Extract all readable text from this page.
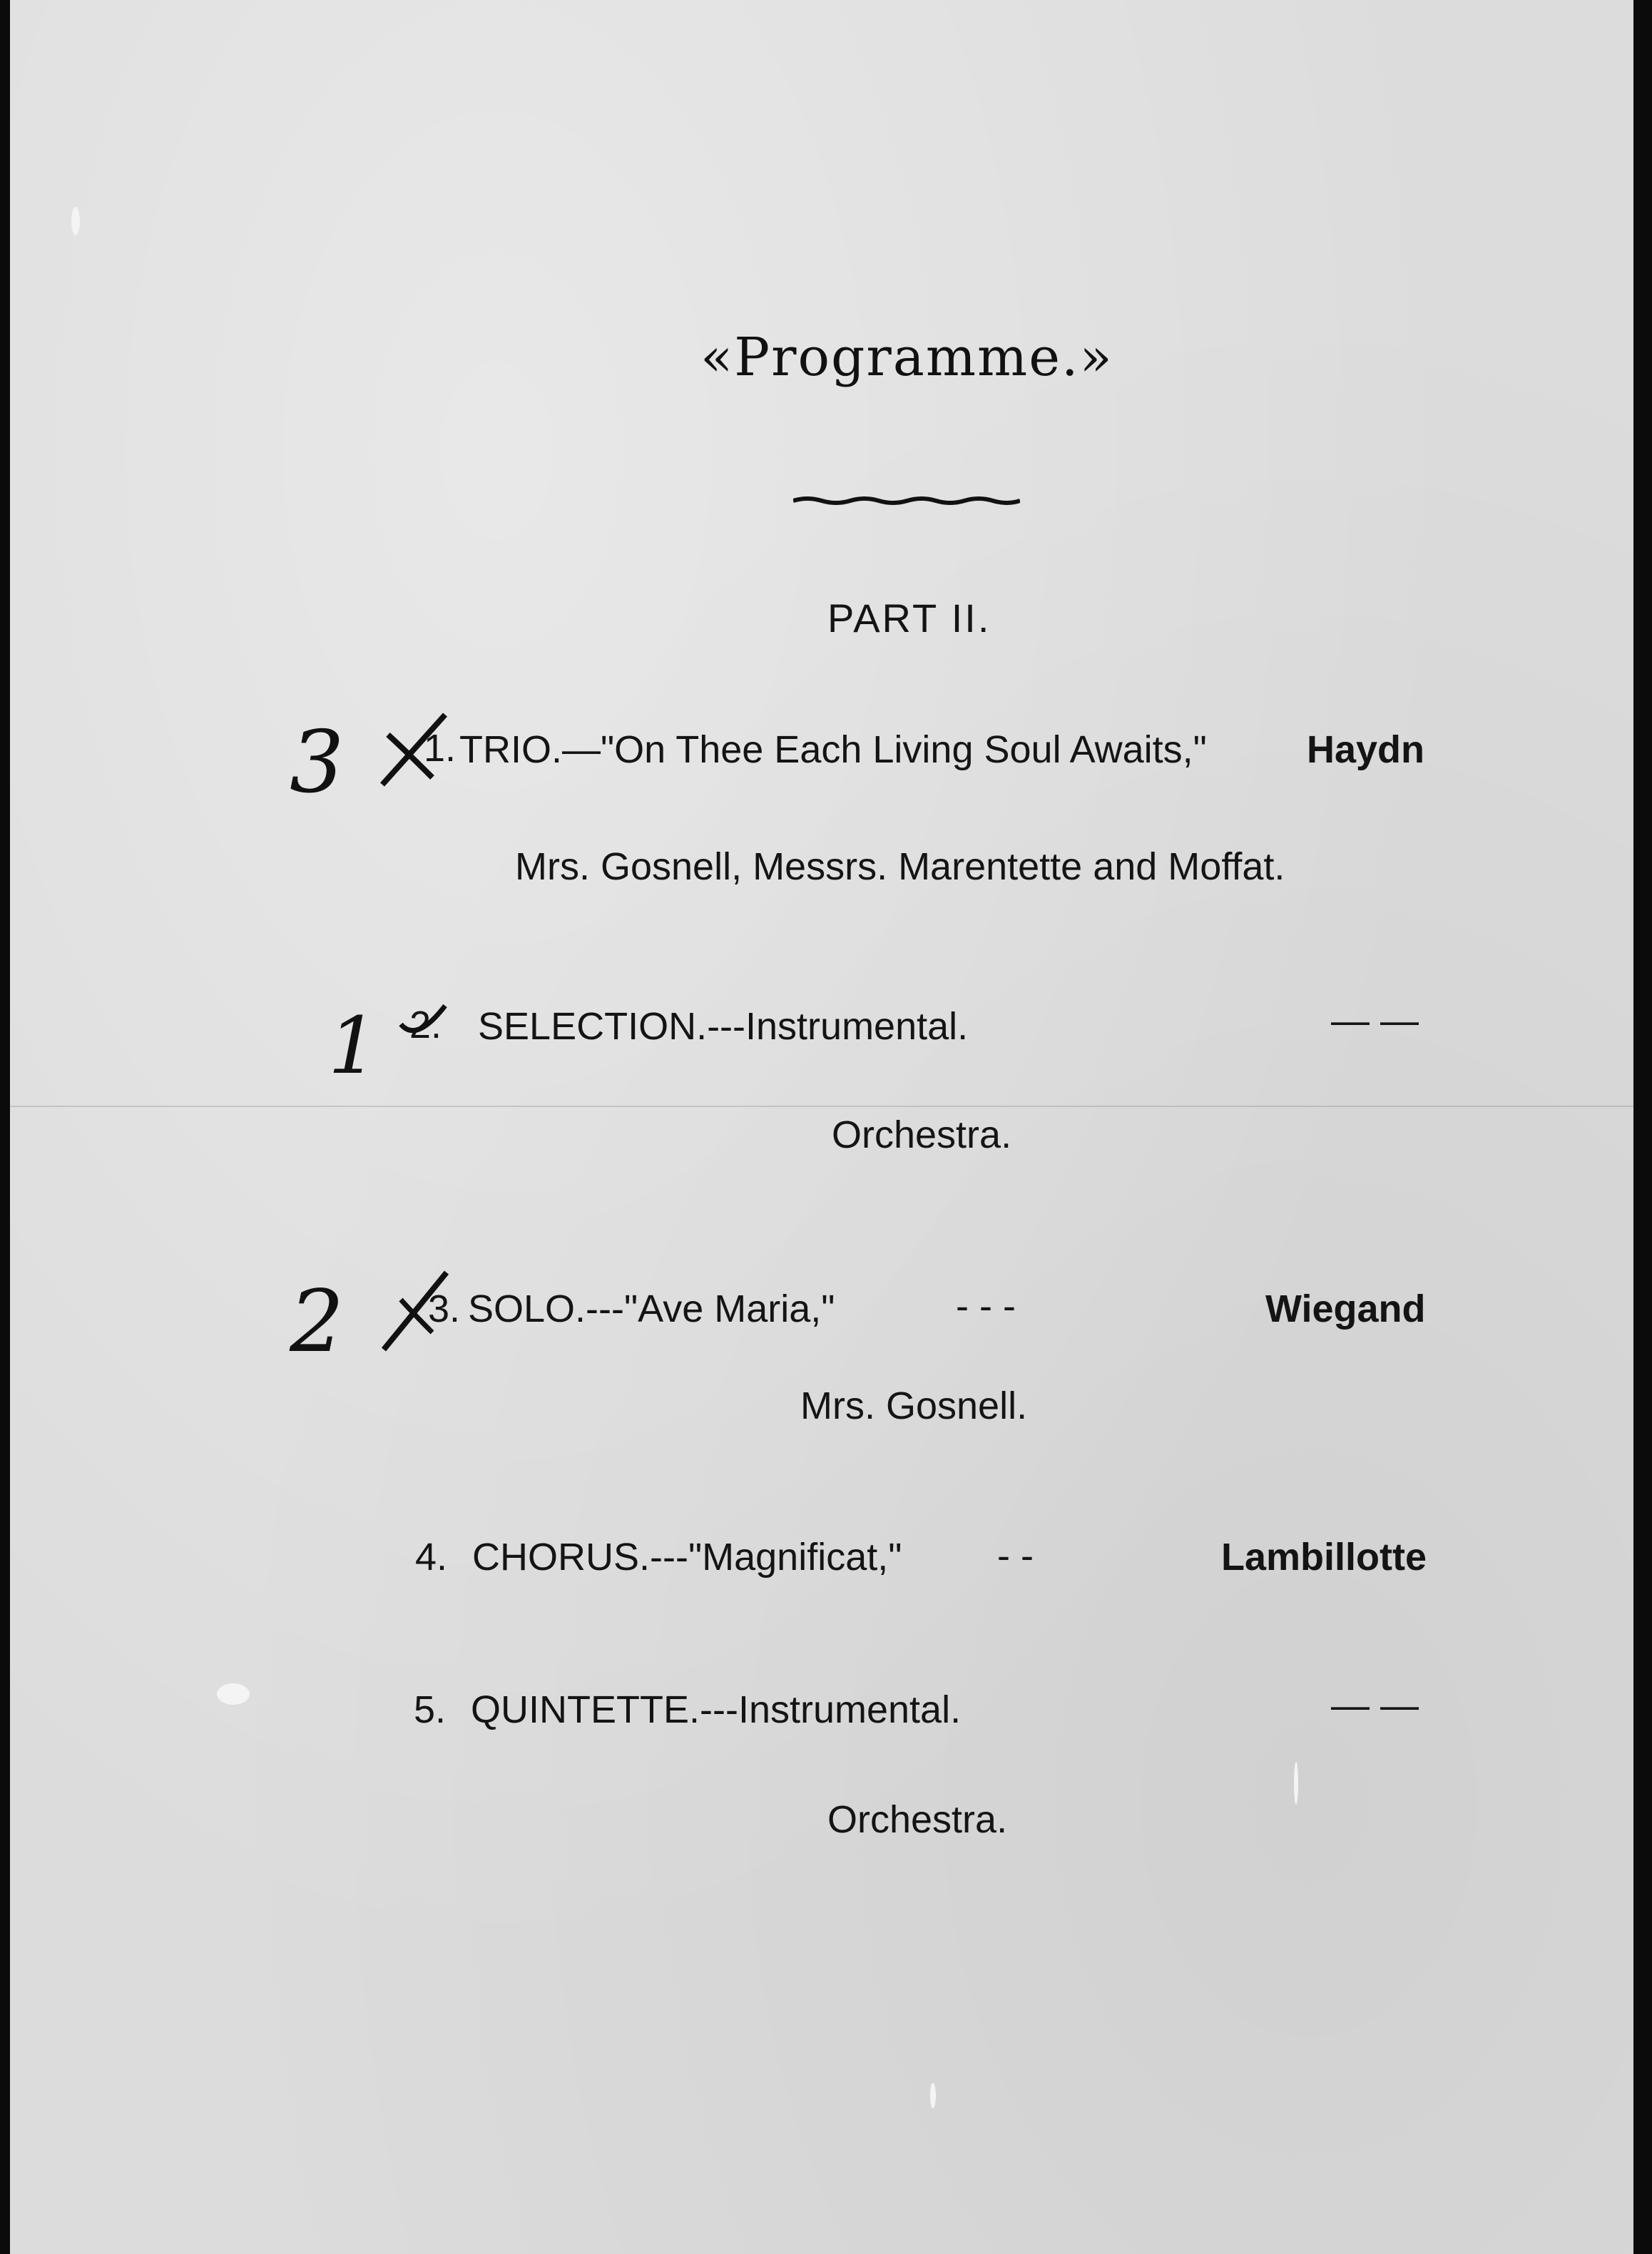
«Programme.»
PART II.
3 1. TRIO.—"On Thee Each Living Soul Awaits,"	Haydn
Mrs. Gosnell, Messrs. Marentette and Moffat.
1 2. SELECTION.---Instrumental.	— —
Orchestra.
2 3. SOLO.---"Ave Maria,"	- - -	Wiegand
Mrs. Gosnell.
4. CHORUS.---"Magnificat," - -	Lambillotte
5. QUINTETTE.---Instrumental.	— —
Orchestra.
